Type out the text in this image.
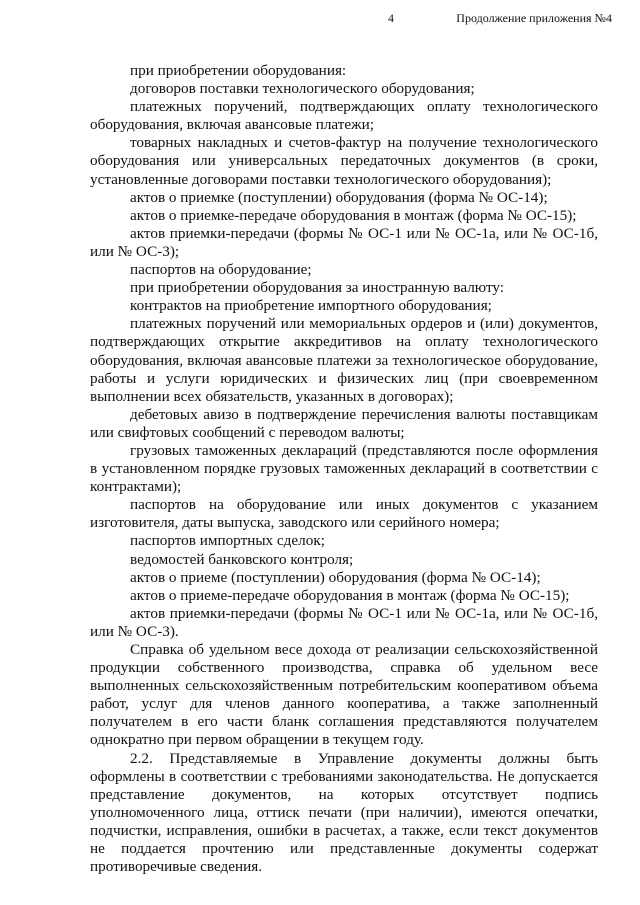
4	Продолжение приложения №4

при приобретении оборудования:

договоров поставки технологического оборудования;

платежных поручений, подтверждающих оплату технологического оборудования, включая авансовые платежи;

товарных накладных и счетов-фактур на получение технологического оборудования или универсальных передаточных документов (в сроки, установленные договорами поставки технологического оборудования);

актов о приемке (поступлении) оборудования (форма № ОС-14);

актов о приемке-передаче оборудования в монтаж (форма № ОС-15);

актов приемки-передачи (формы № ОС-1 или № ОС-1а, или № ОС-1б, или № ОС-3);

паспортов на оборудование;

при приобретении оборудования за иностранную валюту:

контрактов на приобретение импортного оборудования;

платежных поручений или мемориальных ордеров и (или) документов, подтверждающих открытие аккредитивов на оплату технологического оборудования, включая авансовые платежи за технологическое оборудование, работы и услуги юридических и физических лиц (при своевременном выполнении всех обязательств, указанных в договорах);

дебетовых авизо в подтверждение перечисления валюты поставщикам или свифтовых сообщений с переводом валюты;

грузовых таможенных деклараций (представляются после оформления в установленном порядке грузовых таможенных деклараций в соответствии с контрактами);

паспортов на оборудование или иных документов с указанием изготовителя, даты выпуска, заводского или серийного номера;

паспортов импортных сделок;

ведомостей банковского контроля;

актов о приеме (поступлении) оборудования (форма № ОС-14);

актов о приеме-передаче оборудования в монтаж (форма № ОС-15);

актов приемки-передачи (формы № ОС-1 или № ОС-1а, или № ОС-1б, или № ОС-3).

Справка об удельном весе дохода от реализации сельскохозяйственной продукции собственного производства, справка об удельном весе выполненных сельскохозяйственным потребительским кооперативом объема работ, услуг для членов данного кооператива, а также заполненный получателем в его части бланк соглашения представляются получателем однократно при первом обращении в текущем году.

2.2. Представляемые в Управление документы должны быть оформлены в соответствии с требованиями законодательства. Не допускается представление документов, на которых отсутствует подпись уполномоченного лица, оттиск печати (при наличии), имеются опечатки, подчистки, исправления, ошибки в расчетах, а также, если текст документов не поддается прочтению или представленные документы содержат противоречивые сведения.
